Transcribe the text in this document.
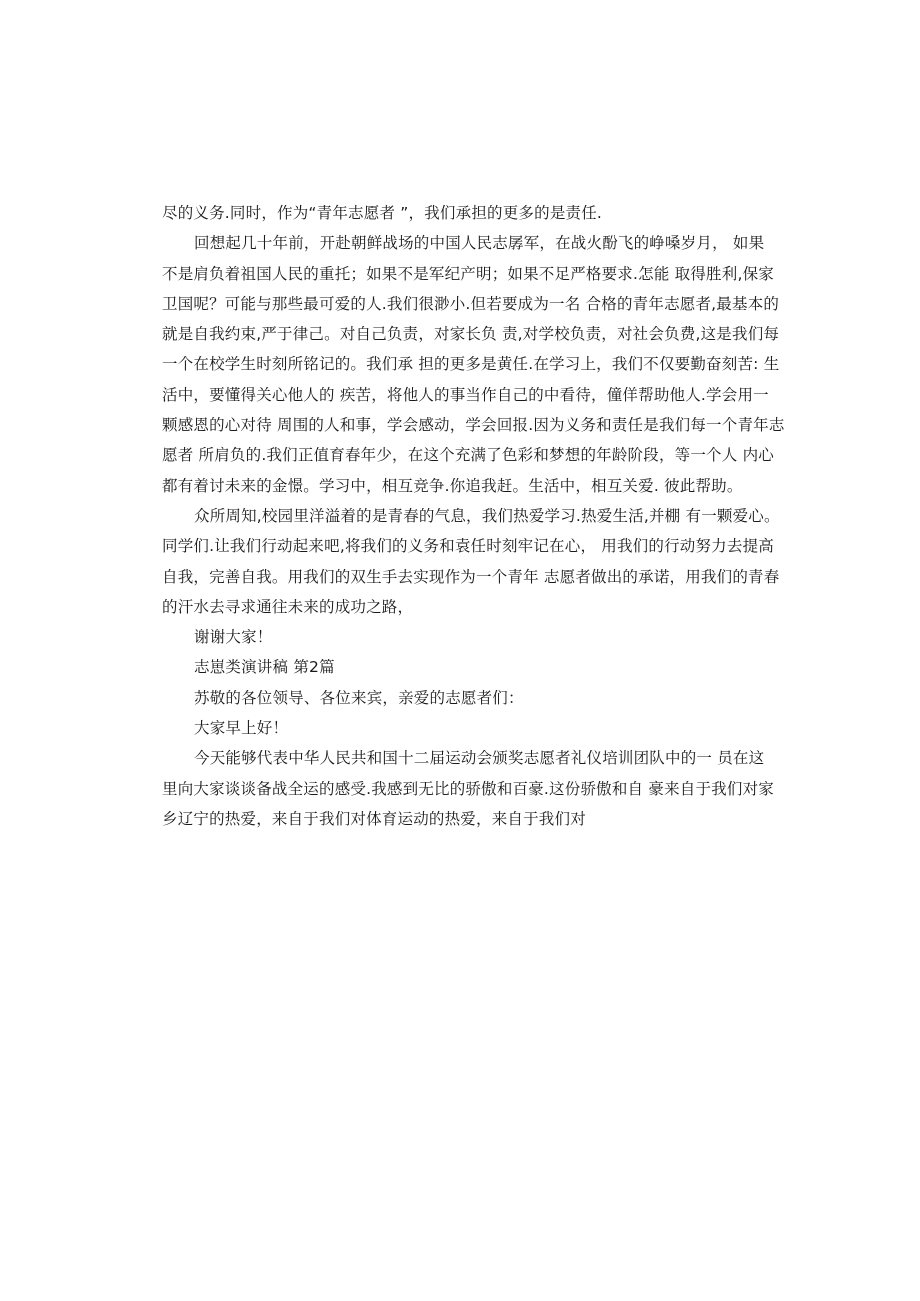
尽的义务.同时，作为“青年志愿者 ”，我们承担的更多的是责任.
回想起几十年前，开赴朝鲜战场的中国人民志孱军，在战火酚飞的峥嗓岁月， 如果
不是肩负着祖国人民的重托；如果不是军纪产明；如果不足严格要求.怎能 取得胜利,保家
卫国呢？可能与那些最可爱的人.我们很渺小.但若要成为一名 合格的青年志愿者,最基本的
就是自我约束,严于律己。对自己负责，对家长负 责,对学校负责，对社会负费,这是我们每
一个在校学生时刻所铭记的。我们承 担的更多是黄任.在学习上，我们不仅要勤奋刻苦: 生
活中，要懂得关心他人的 疾苦，将他人的事当作自己的中看待，僮佯帮助他人.学会用一
颗感恩的心对待 周围的人和事，学会感动，学会回报.因为义务和责任是我们每一个青年志
愿者 所肩负的.我们正值育春年少，在这个充满了色彩和梦想的年龄阶段，等一个人 内心
都有着讨未来的金憬。学习中，相互竞争.你追我赶。生活中，相互关爱. 彼此帮助。
众所周知,校园里洋溢着的是青春的气息，我们热爱学习.热爱生活,并棚 有一颗爱心。
同学们.让我们行动起来吧,将我们的义务和袁任时刻牢记在心， 用我们的行动努力去提高
自我，完善自我。用我们的双生手去实现作为一个青年 志愿者做出的承诺，用我们的青春
的汗水去寻求通往未来的成功之路，
谢谢大家！
志崽类演讲稿 第2篇
苏敬的各位领导、各位来宾，亲爱的志愿者们：
大家早上好！
今天能够代表中华人民共和国十二届运动会颁奖志愿者礼仪培训团队中的一 员在这
里向大家谈谈备战全运的感受.我感到无比的骄傲和百豪.这份骄傲和自 豪来自于我们对家
乡辽宁的热爱，来自于我们对体育运动的热爱，来自于我们对
